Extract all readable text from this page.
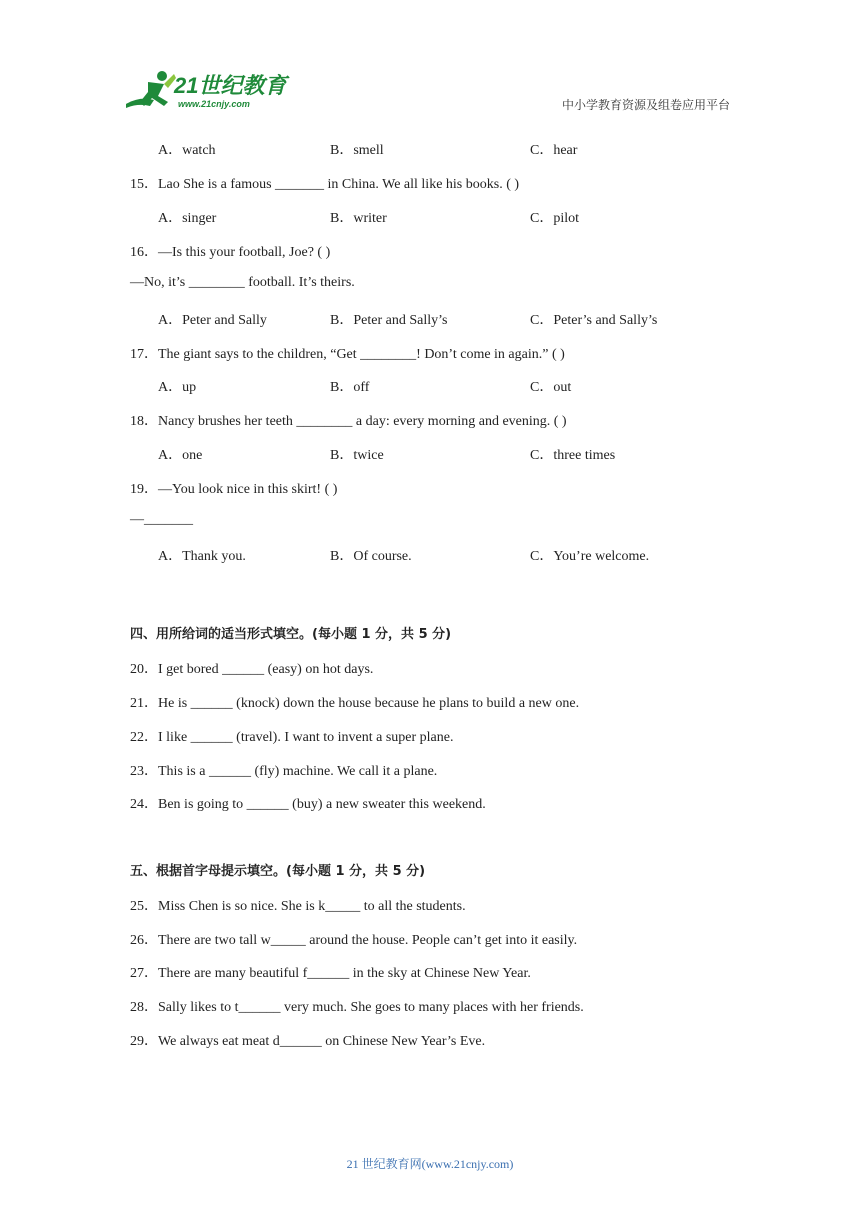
21世纪教育
www.21cnjy.com	中小学教育资源及组卷应用平台
A．watch	B．smell	C．hear
15．Lao She is a famous _______ in China. We all like his books. ( )
A．singer	B．writer	C．pilot
16．—Is this your football, Joe? ( )
—No, it’s ________ football. It’s theirs.
A．Peter and Sally	B．Peter and Sally’s	C．Peter’s and Sally’s
17．The giant says to the children, “Get ________! Don’t come in again.” ( )
A．up	B．off	C．out
18．Nancy brushes her teeth ________ a day: every morning and evening. ( )
A．one	B．twice	C．three times
19．—You look nice in this skirt! ( )
—_______
A．Thank you.	B．Of course.	C．You’re welcome.
四、用所给词的适当形式填空。(每小题 1 分，共 5 分)
20．I get bored ______ (easy) on hot days.
21．He is ______ (knock) down the house because he plans to build a new one.
22．I like ______ (travel). I want to invent a super plane.
23．This is a ______ (fly) machine. We call it a plane.
24．Ben is going to ______ (buy) a new sweater this weekend.
五、根据首字母提示填空。(每小题 1 分，共 5 分)
25．Miss Chen is so nice. She is k_____ to all the students.
26．There are two tall w_____ around the house. People can’t get into it easily.
27．There are many beautiful f______ in the sky at Chinese New Year.
28．Sally likes to t______ very much. She goes to many places with her friends.
29．We always eat meat d______ on Chinese New Year’s Eve.
21 世纪教育网(www.21cnjy.com)
